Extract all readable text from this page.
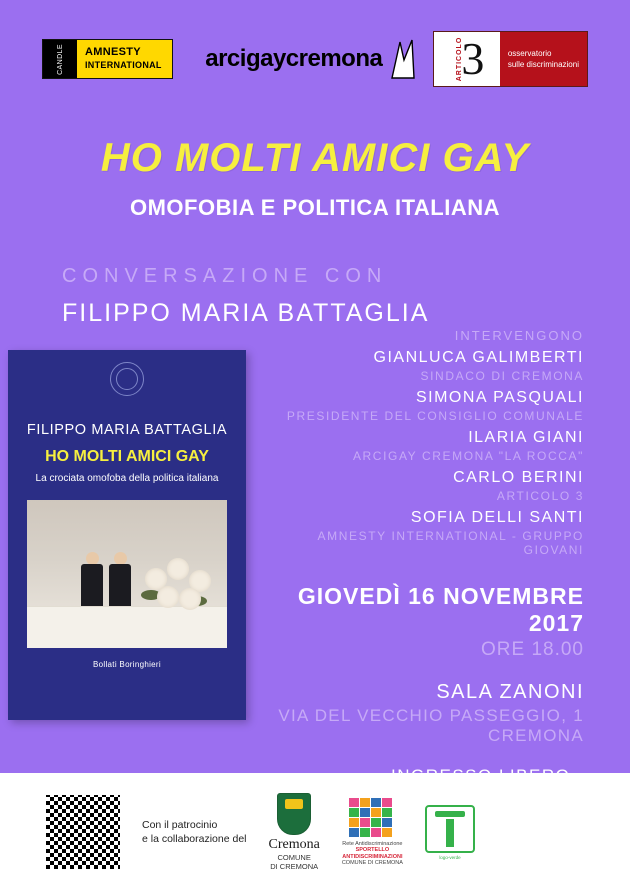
CANDLE AMNESTY
INTERNATIONAL arcigaycremona	ARTICOLO
3	osservatorio
sulle discriminazioni
HO MOLTI AMICI GAY
OMOFOBIA E POLITICA ITALIANA
CONVERSAZIONE CON
FILIPPO MARIA BATTAGLIA
FILIPPO MARIA BATTAGLIA
HO MOLTI AMICI GAY
La crociata omofoba della politica italiana
Bollati Boringhieri
INTERVENGONO
GIANLUCA GALIMBERTI
SINDACO DI CREMONA
SIMONA PASQUALI
PRESIDENTE DEL CONSIGLIO COMUNALE
ILARIA GIANI
ARCIGAY CREMONA "LA ROCCA"
CARLO BERINI
ARTICOLO 3
SOFIA DELLI SANTI
AMNESTY INTERNATIONAL - GRUPPO GIOVANI
GIOVEDÌ 16 NOVEMBRE 2017
ORE 18.00
SALA ZANONI
VIA DEL VECCHIO PASSEGGIO, 1
CREMONA
• INGRESSO LIBERO •
Con il patrocinio
e la collaborazione del Cremona
COMUNE
DI CREMONA
Rete Antidiscriminazione
SPORTELLO
ANTIDISCRIMINAZIONI
COMUNE DI CREMONA
logo-verde
